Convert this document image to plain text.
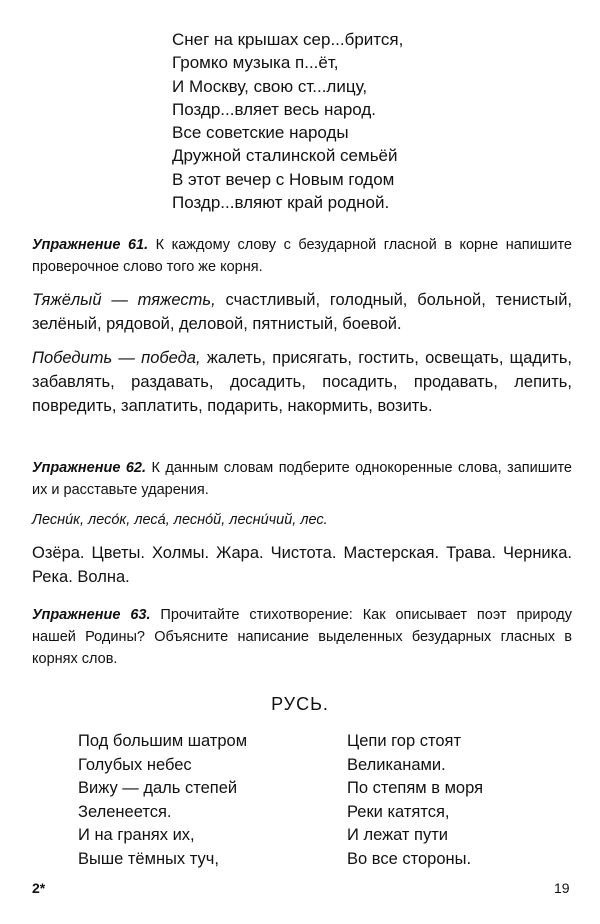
Снег на крышах сер...брится,
Громко музыка п...ёт,
И Москву, свою ст...лицу,
Поздр...вляет весь народ.
Все советские народы
Дружной сталинской семьёй
В этот вечер с Новым годом
Поздр...вляют край родной.
Упражнение 61. К каждому слову с безударной гласной в корне напишите проверочное слово того же корня.
Тяжёлый — тяжесть, счастливый, голодный, больной, тенистый, зелёный, рядовой, деловой, пятнистый, боевой.
Победить — победа, жалеть, присягать, гостить, освещать, щадить, забавлять, раздавать, досадить, посадить, продавать, лепить, повредить, заплатить, подарить, накормить, возить.
Упражнение 62. К данным словам подберите однокоренные слова, запишите их и расставьте ударения.
Лесни́к, лесо́к, леса́, лесно́й, лесни́чий, лес.
Озёра. Цветы. Холмы. Жара. Чистота. Мастерская. Трава. Черника. Река. Волна.
Упражнение 63. Прочитайте стихотворение: Как описывает поэт природу нашей Родины? Объясните написание выделенных безударных гласных в корнях слов.
РУСЬ.
Под большим шатром
Голубых небес
Вижу — даль степей
Зеленеется.
И на гранях их,
Выше тёмных туч,
Цепи гор стоят
Великанами.
По степям в моря
Реки катятся,
И лежат пути
Во все стороны.
2*	19
